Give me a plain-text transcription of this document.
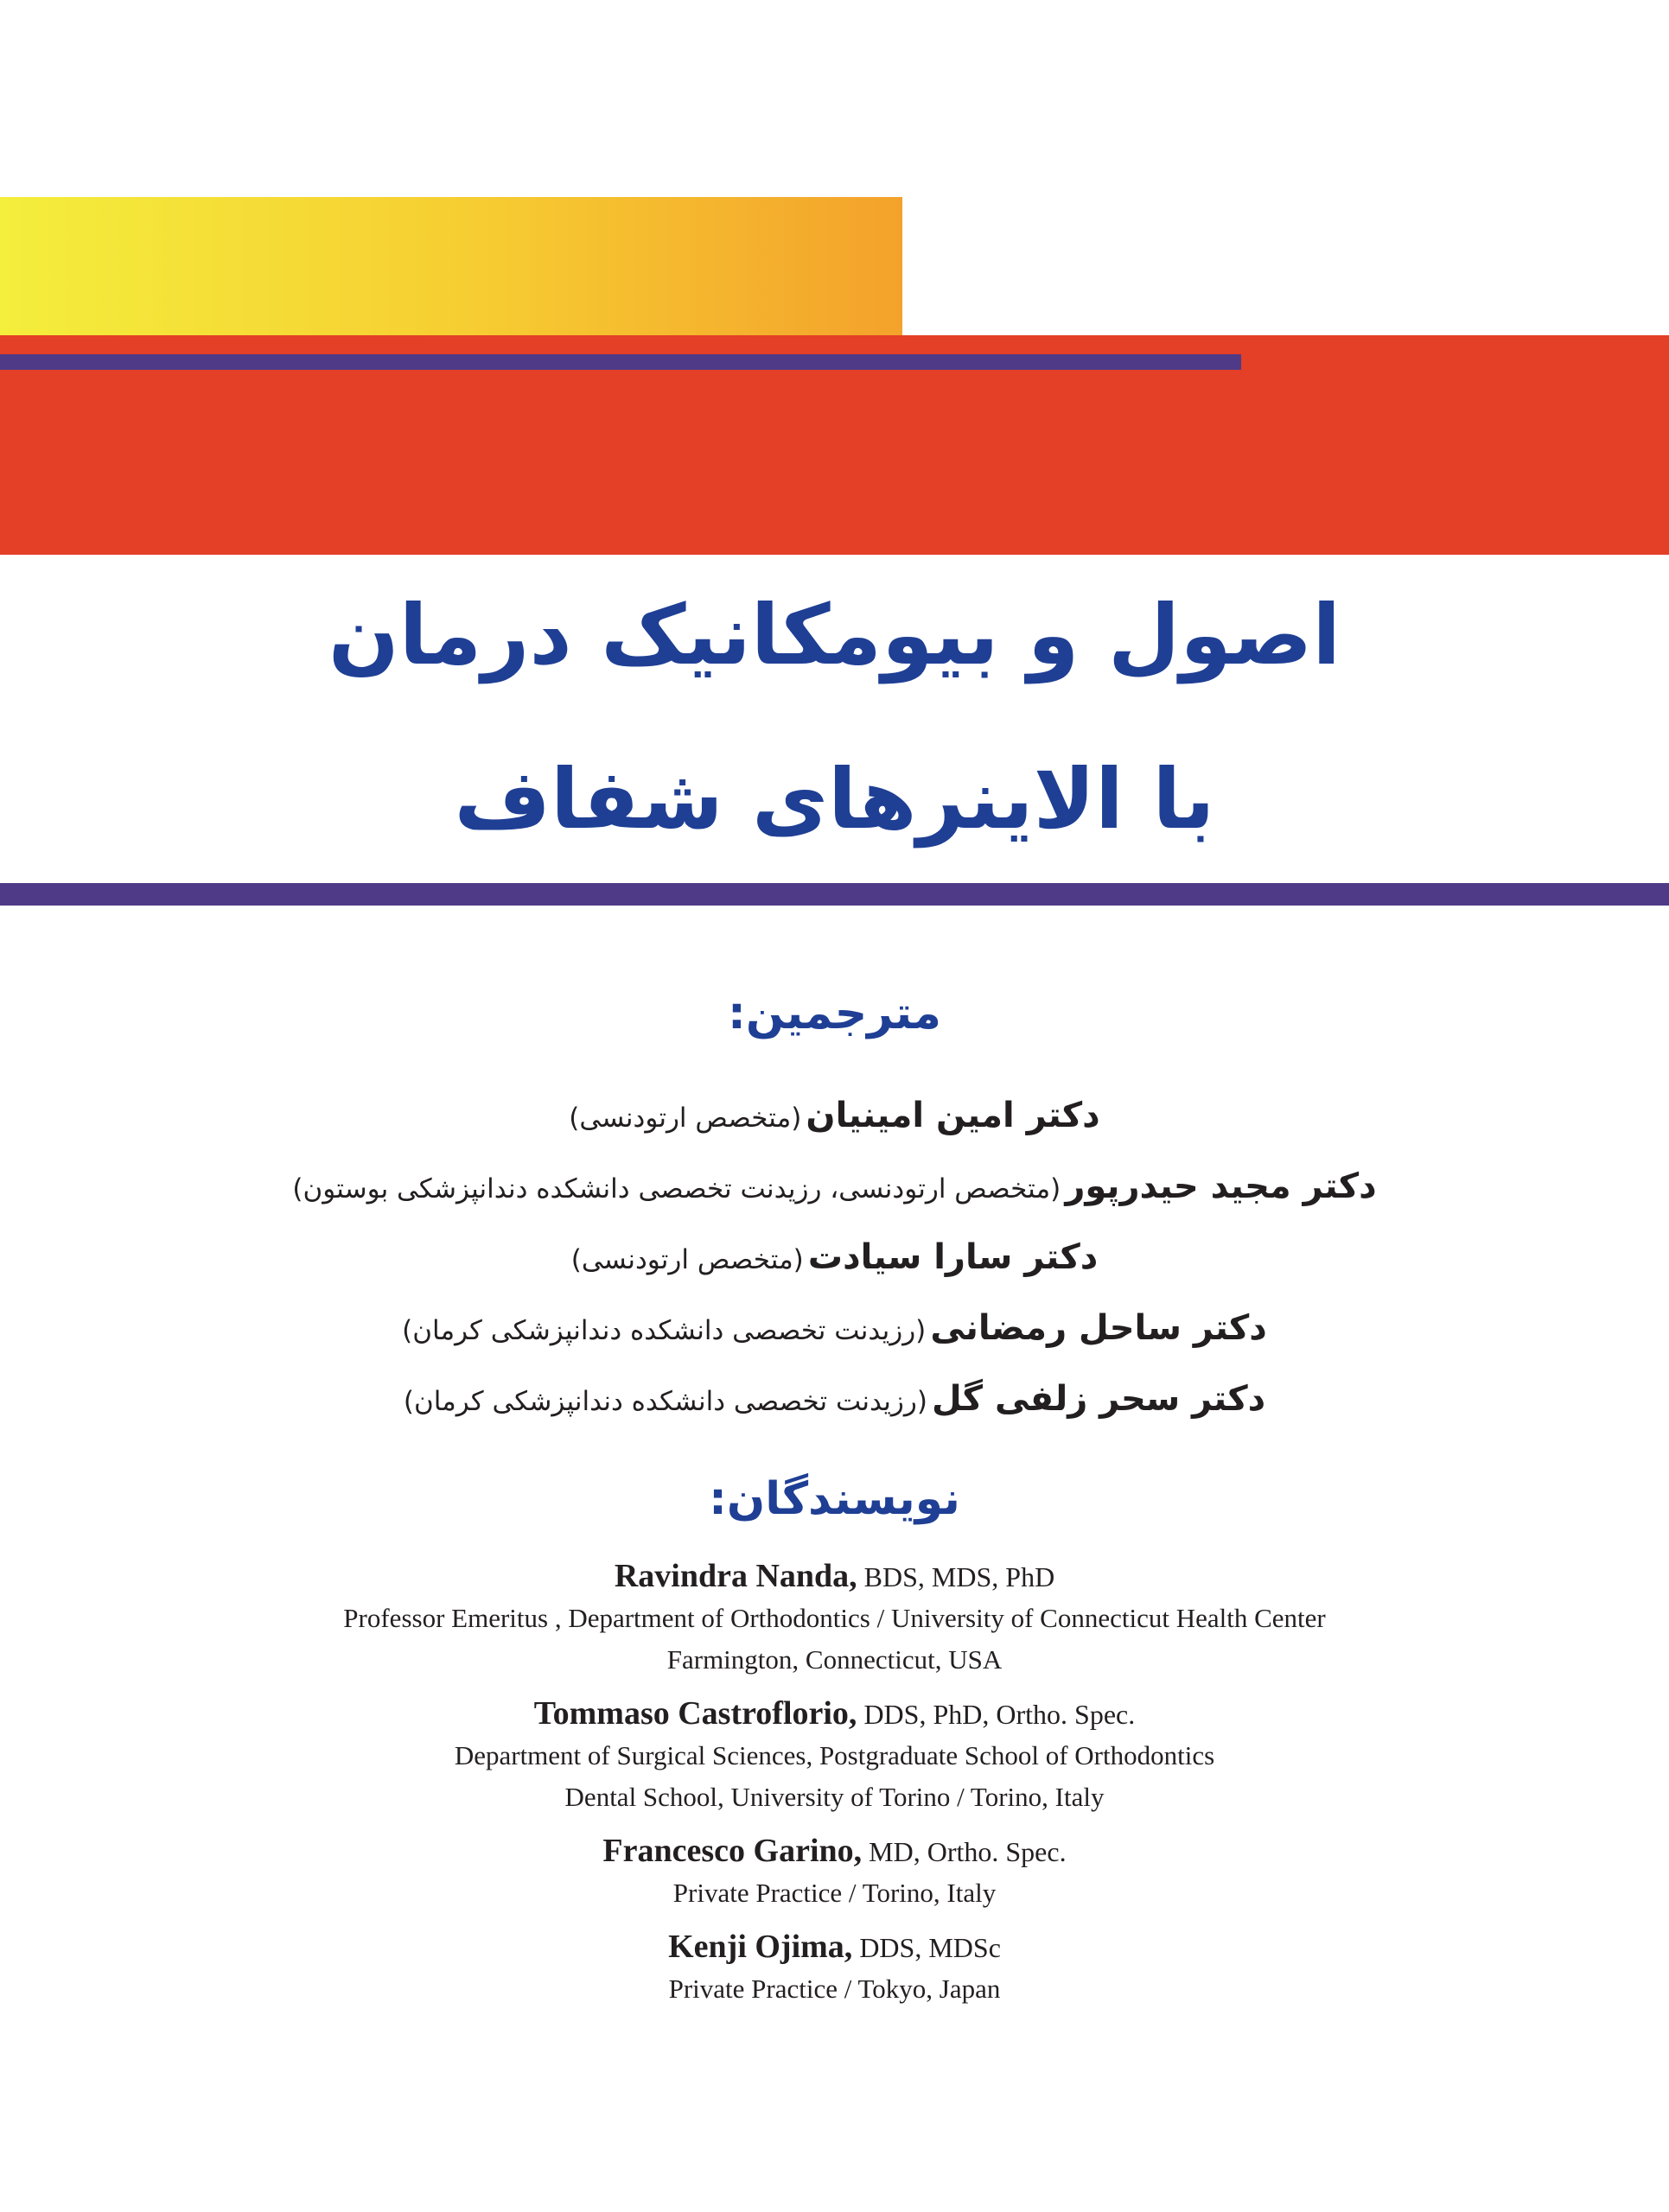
اصول و بیومکانیک درمان
با الاینرهای شفاف
مترجمین:
دکتر امین امینیان (متخصص ارتودنسی)
دکتر مجید حیدرپور (متخصص ارتودنسی، رزیدنت تخصصی دانشکده دندانپزشکی بوستون)
دکتر سارا سیادت (متخصص ارتودنسی)
دکتر ساحل رمضانی (رزیدنت تخصصی دانشکده دندانپزشکی کرمان)
دکتر سحر زلفی گل (رزیدنت تخصصی دانشکده دندانپزشکی کرمان)
نویسندگان:
Ravindra Nanda, BDS, MDS, PhD
Professor Emeritus , Department of Orthodontics / University of Connecticut Health Center
Farmington, Connecticut, USA
Tommaso Castroflorio, DDS, PhD, Ortho. Spec.
Department of Surgical Sciences, Postgraduate School of Orthodontics
Dental School, University of Torino / Torino, Italy
Francesco Garino, MD, Ortho. Spec.
Private Practice / Torino, Italy
Kenji Ojima, DDS, MDSc
Private Practice / Tokyo, Japan
